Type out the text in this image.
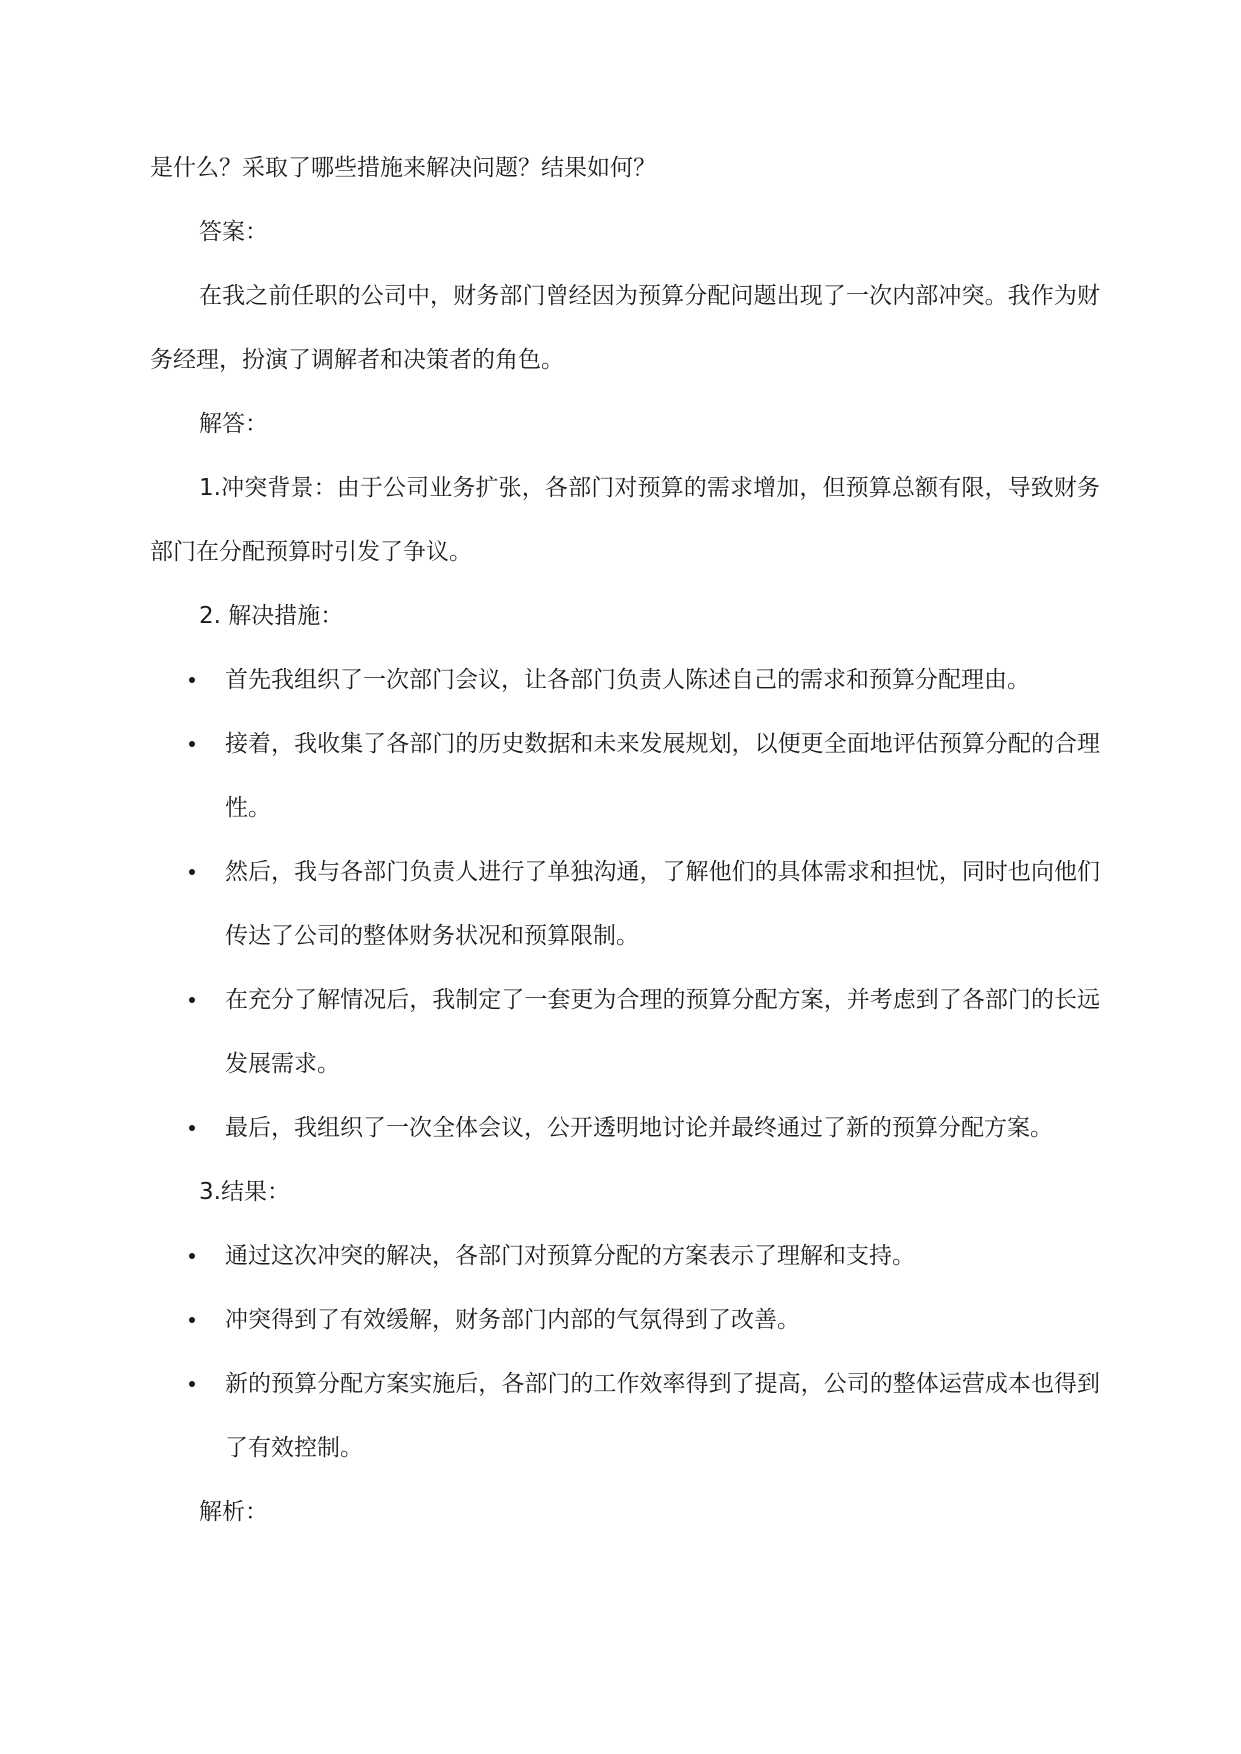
是什么？采取了哪些措施来解决问题？结果如何？

答案：

在我之前任职的公司中，财务部门曾经因为预算分配问题出现了一次内部冲突。我作为财务经理，扮演了调解者和决策者的角色。

解答：

1.冲突背景：由于公司业务扩张，各部门对预算的需求增加，但预算总额有限，导致财务部门在分配预算时引发了争议。

2. 解决措施：

首先我组织了一次部门会议，让各部门负责人陈述自己的需求和预算分配理由。
接着，我收集了各部门的历史数据和未来发展规划，以便更全面地评估预算分配的合理性。
然后，我与各部门负责人进行了单独沟通，了解他们的具体需求和担忧，同时也向他们传达了公司的整体财务状况和预算限制。
在充分了解情况后，我制定了一套更为合理的预算分配方案，并考虑到了各部门的长远发展需求。
最后，我组织了一次全体会议，公开透明地讨论并最终通过了新的预算分配方案。

3.结果：

通过这次冲突的解决，各部门对预算分配的方案表示了理解和支持。
冲突得到了有效缓解，财务部门内部的气氛得到了改善。
新的预算分配方案实施后，各部门的工作效率得到了提高，公司的整体运营成本也得到了有效控制。

解析：
